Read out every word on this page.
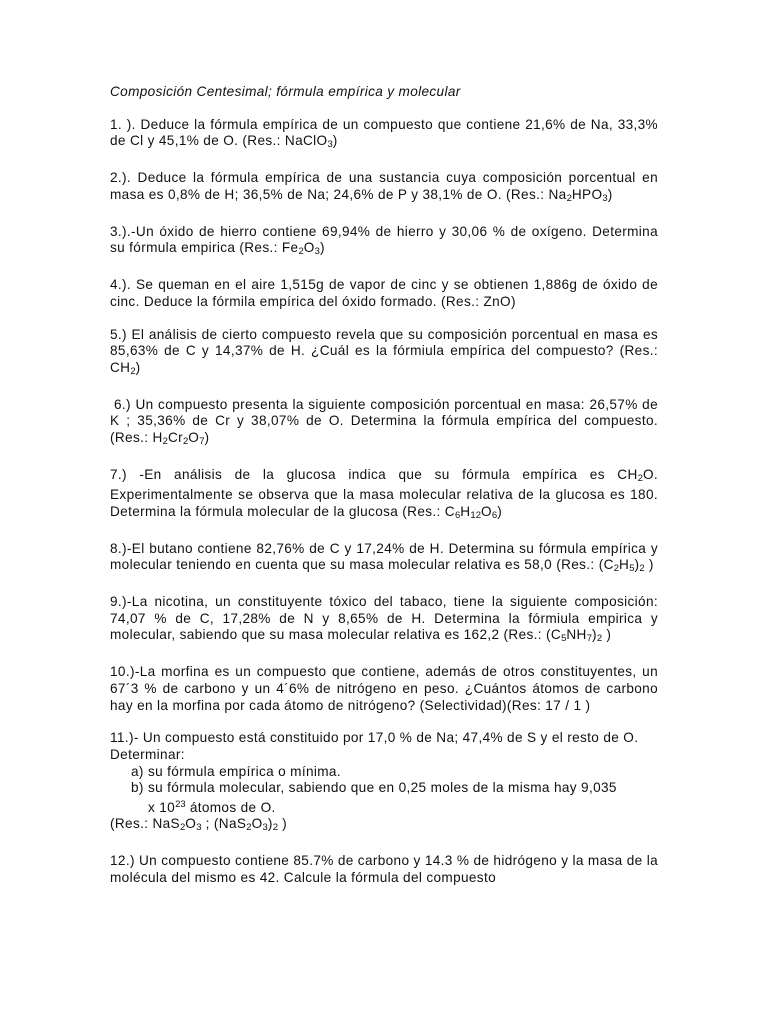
Composición Centesimal; fórmula empírica y molecular
1. ). Deduce la fórmula empírica de un compuesto que contiene 21,6% de Na, 33,3% de Cl y 45,1% de O. (Res.: NaClO$_3$)
2.). Deduce la fórmula empírica de una sustancia cuya composición porcentual en masa es 0,8% de H; 36,5% de Na; 24,6% de P y 38,1% de O. (Res.: $Na_2HPO_3$)
3.).-Un óxido de hierro contiene 69,94% de hierro y 30,06 % de oxígeno. Determina su fórmula empirica (Res.: $Fe_2O_3$)
4.). Se queman en el aire 1,515g de vapor de cinc y se obtienen 1,886g de óxido de cinc. Deduce la fórmila empírica del óxido formado. (Res.: ZnO)
5.) El análisis de cierto compuesto revela que su composición porcentual en masa es 85,63% de C y 14,37% de H. ¿Cuál es la fórmiula empírica del compuesto? (Res.: $CH_2$)
6.) Un compuesto presenta la siguiente composición porcentual en masa: 26,57% de K ; 35,36% de Cr y 38,07% de O. Determina la fórmula empírica del compuesto. (Res.: $H_2Cr_2O_7$)
7.) -En análisis de la glucosa indica que su fórmula empírica es $CH_2O$. Experimentalmente se observa que la masa molecular relativa de la glucosa es 180. Determina la fórmula molecular de la glucosa (Res.: $C_6H_{12}O_6$)
8.)-El butano contiene 82,76% de C y 17,24% de H. Determina su fórmula empírica y molecular teniendo en cuenta que su masa molecular relativa es 58,0 (Res.: $(C_2H_5)_2$ )
9.)-La nicotina, un constituyente tóxico del tabaco, tiene la siguiente composición: 74,07 % de C, 17,28% de N y 8,65% de H. Determina la fórmiula empirica y molecular, sabiendo que su masa molecular relativa es 162,2 (Res.: $(C_5NH_7)_2$ )
10.)-La morfina es un compuesto que contiene, además de otros constituyentes, un 67´3 % de carbono y un 4´6% de nitrógeno en peso. ¿Cuántos átomos de carbono hay en la morfina por cada átomo de nitrógeno? (Selectividad)(Res: 17 / 1 )
11.)- Un compuesto está constituido por 17,0 % de Na; 47,4% de S y el resto de O. Determinar:
a) su fórmula empírica o mínima.
b) su fórmula molecular, sabiendo que en 0,25 moles de la misma hay 9,035
x $10^{23}$ átomos de O.
(Res.: $NaS_2O_3$ ; $(NaS_2O_3)_2$ )
12.) Un compuesto contiene 85.7% de carbono y 14.3 % de hidrógeno y la masa de la molécula del mismo es 42. Calcule la fórmula del compuesto
